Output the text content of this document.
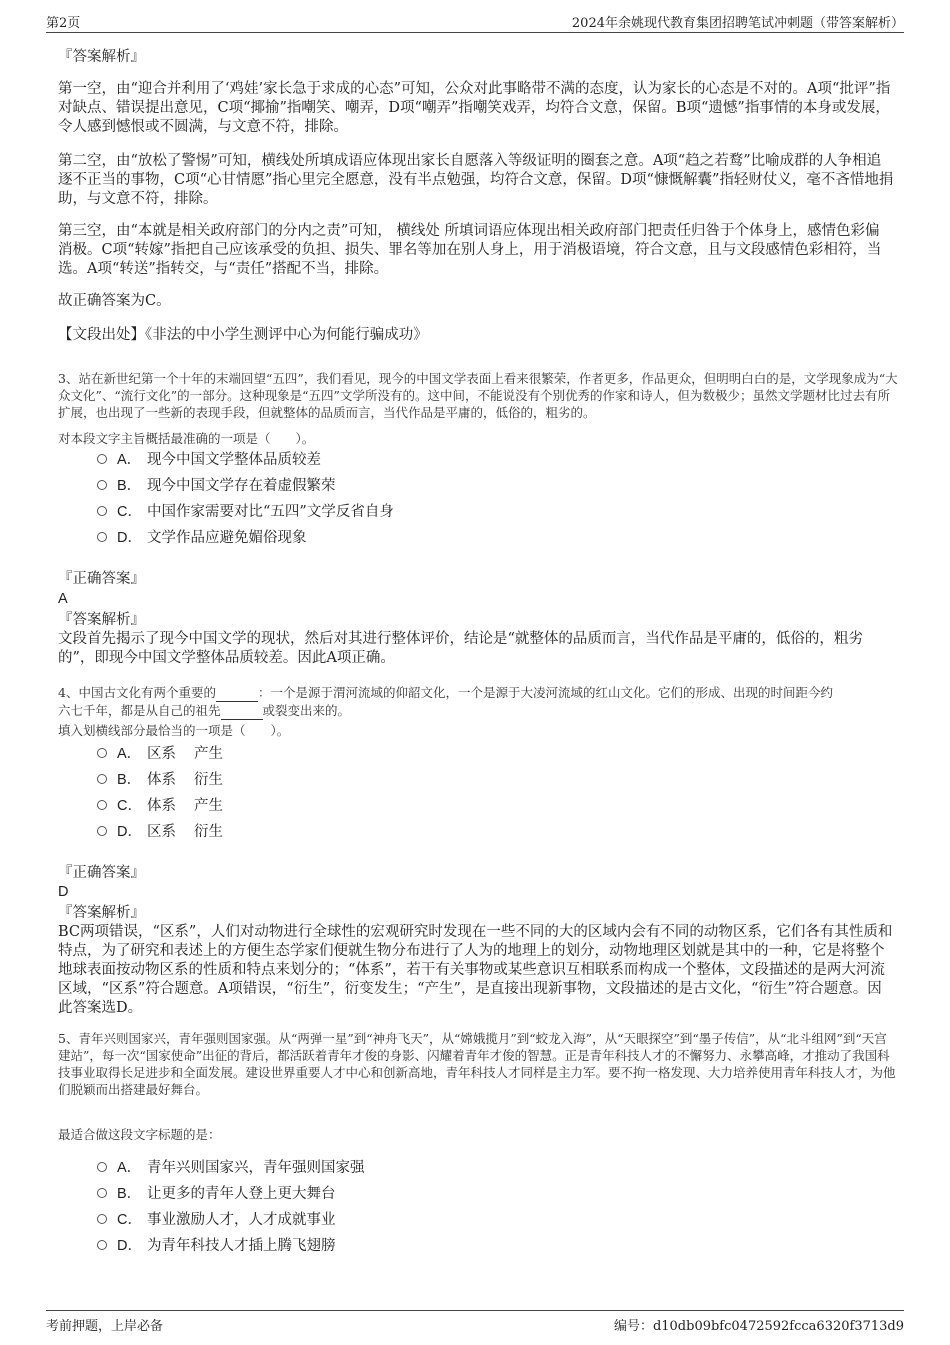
第2页	2024年余姚现代教育集团招聘笔试冲刺题（带答案解析）
『答案解析』
第一空，由“迎合并利用了‘鸡娃’家长急于求成的心态”可知，公众对此事略带不满的态度，认为家长的心态是不对的。A项“批评”指对缺点、错误提出意见，C项“揶揄”指嘲笑、嘲弄，D项“嘲弄”指嘲笑戏弄，均符合文意，保留。B项“遗憾”指事情的本身或发展，令人感到憾恨或不圆满，与文意不符，排除。
第二空，由“放松了警惕”可知，横线处所填成语应体现出家长自愿落入等级证明的圈套之意。A项“趋之若鹜”比喻成群的人争相追逐不正当的事物，C项“心甘情愿”指心里完全愿意，没有半点勉强，均符合文意，保留。D项“慷慨解囊”指轻财仗义，毫不吝惜地捐助，与文意不符，排除。
第三空，由“本就是相关政府部门的分内之责”可知， 横线处 所填词语应体现出相关政府部门把责任归咎于个体身上，感情色彩偏消极。C项“转嫁”指把自己应该承受的负担、损失、罪名等加在别人身上，用于消极语境，符合文意，且与文段感情色彩相符，当选。A项“转送”指转交，与“责任”搭配不当，排除。
故正确答案为C。
【文段出处】《非法的中小学生测评中心为何能行骗成功》
3、站在新世纪第一个十年的末端回望“五四”，我们看见，现今的中国文学表面上看来很繁荣，作者更多，作品更众，但明明白白的是，文学现象成为“大众文化”、“流行文化”的一部分。这种现象是“五四”文学所没有的。这中间，不能说没有个别优秀的作家和诗人，但为数极少；虽然文学题材比过去有所扩展，也出现了一些新的表现手段，但就整体的品质而言，当代作品是平庸的，低俗的，粗劣的。
对本段文字主旨概括最准确的一项是（　　）。
A． 现今中国文学整体品质较差
B． 现今中国文学存在着虚假繁荣
C． 中国作家需要对比“五四”文学反省自身
D． 文学作品应避免媚俗现象
『正确答案』
A
『答案解析』
文段首先揭示了现今中国文学的现状，然后对其进行整体评价，结论是“就整体的品质而言，当代作品是平庸的，低俗的，粗劣的”，即现今中国文学整体品质较差。因此A项正确。
4、中国古文化有两个重要的	：一个是源于渭河流域的仰韶文化，一个是源于大凌河流域的红山文化。它们的形成、出现的时间距今约
六七千年，都是从自己的祖先	或裂变出来的。
填入划横线部分最恰当的一项是（　　）。
A． 区系 产生
B． 体系 衍生
C． 体系 产生
D． 区系 衍生
『正确答案』
D
『答案解析』
BC两项错误，“区系”，人们对动物进行全球性的宏观研究时发现在一些不同的大的区域内会有不同的动物区系，它们各有其性质和特点，为了研究和表述上的方便生态学家们便就生物分布进行了人为的地理上的划分，动物地理区划就是其中的一种，它是将整个地球表面按动物区系的性质和特点来划分的；“体系”，若干有关事物或某些意识互相联系而构成一个整体，文段描述的是两大河流区域，“区系”符合题意。A项错误，“衍生”，衍变发生；“产生”，是直接出现新事物，文段描述的是古文化，“衍生”符合题意。因此答案选D。
5、青年兴则国家兴，青年强则国家强。从“两弹一星”到“神舟飞天”，从“嫦娥揽月”到“蛟龙入海”，从“天眼探空”到“墨子传信”，从“北斗组网”到“天宫建站”，每一次“国家使命”出征的背后，都活跃着青年才俊的身影、闪耀着青年才俊的智慧。正是青年科技人才的不懈努力、永攀高峰，才推动了我国科技事业取得长足进步和全面发展。建设世界重要人才中心和创新高地，青年科技人才同样是主力军。要不拘一格发现、大力培养使用青年科技人才，为他们脱颖而出搭建最好舞台。
最适合做这段文字标题的是：
A． 青年兴则国家兴，青年强则国家强
B． 让更多的青年人登上更大舞台
C． 事业激励人才，人才成就事业
D． 为青年科技人才插上腾飞翅膀
考前押题，上岸必备	编号：d10db09bfc0472592fcca6320f3713d9
